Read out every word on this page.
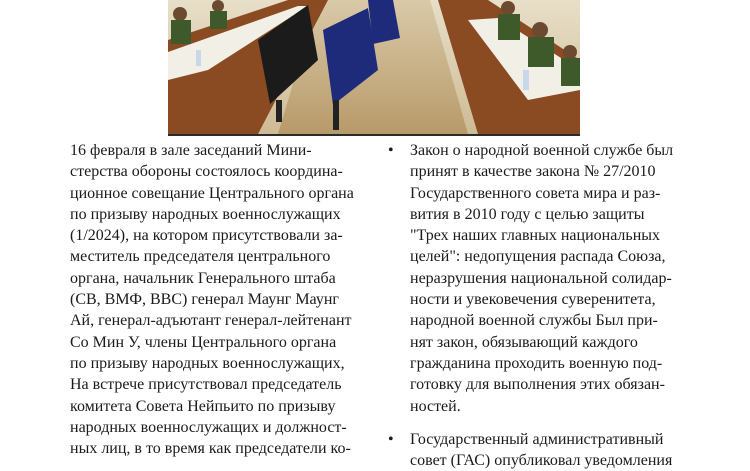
16 февраля в зале заседаний Мини-
стерства обороны состоялось координа-
ционное совещание Центрального органа
по призыву народных военнослужащих
(1/2024), на котором присутствовали за-
меститель председателя центрального
органа, начальник Генерального штаба
(СВ, ВМФ, ВВС) генерал Маунг Маунг
Ай, генерал-адъютант генерал-лейтенант
Со Мин У, члены Центрального органа
по призыву народных военнослужащих,
На встрече присутствовал председатель
комитета Совета Нейпьито по призыву
народных военнослужащих и должност-
ных лиц, в то время как председатели ко-

•	Закон о народной военной службе был
принят в качестве закона № 27/2010
Государственного совета мира и раз-
вития в 2010 году с целью защиты
"Трех наших главных национальных
целей": недопущения распада Союза,
неразрушения национальной солидар-
ности и увековечения суверенитета,
народной военной службы Был при-
нят закон, обязывающий каждого
гражданина проходить военную под-
готовку для выполнения этих обязан-
ностей.
•	Государственный административный
совет (ГАС) опубликовал уведомления
